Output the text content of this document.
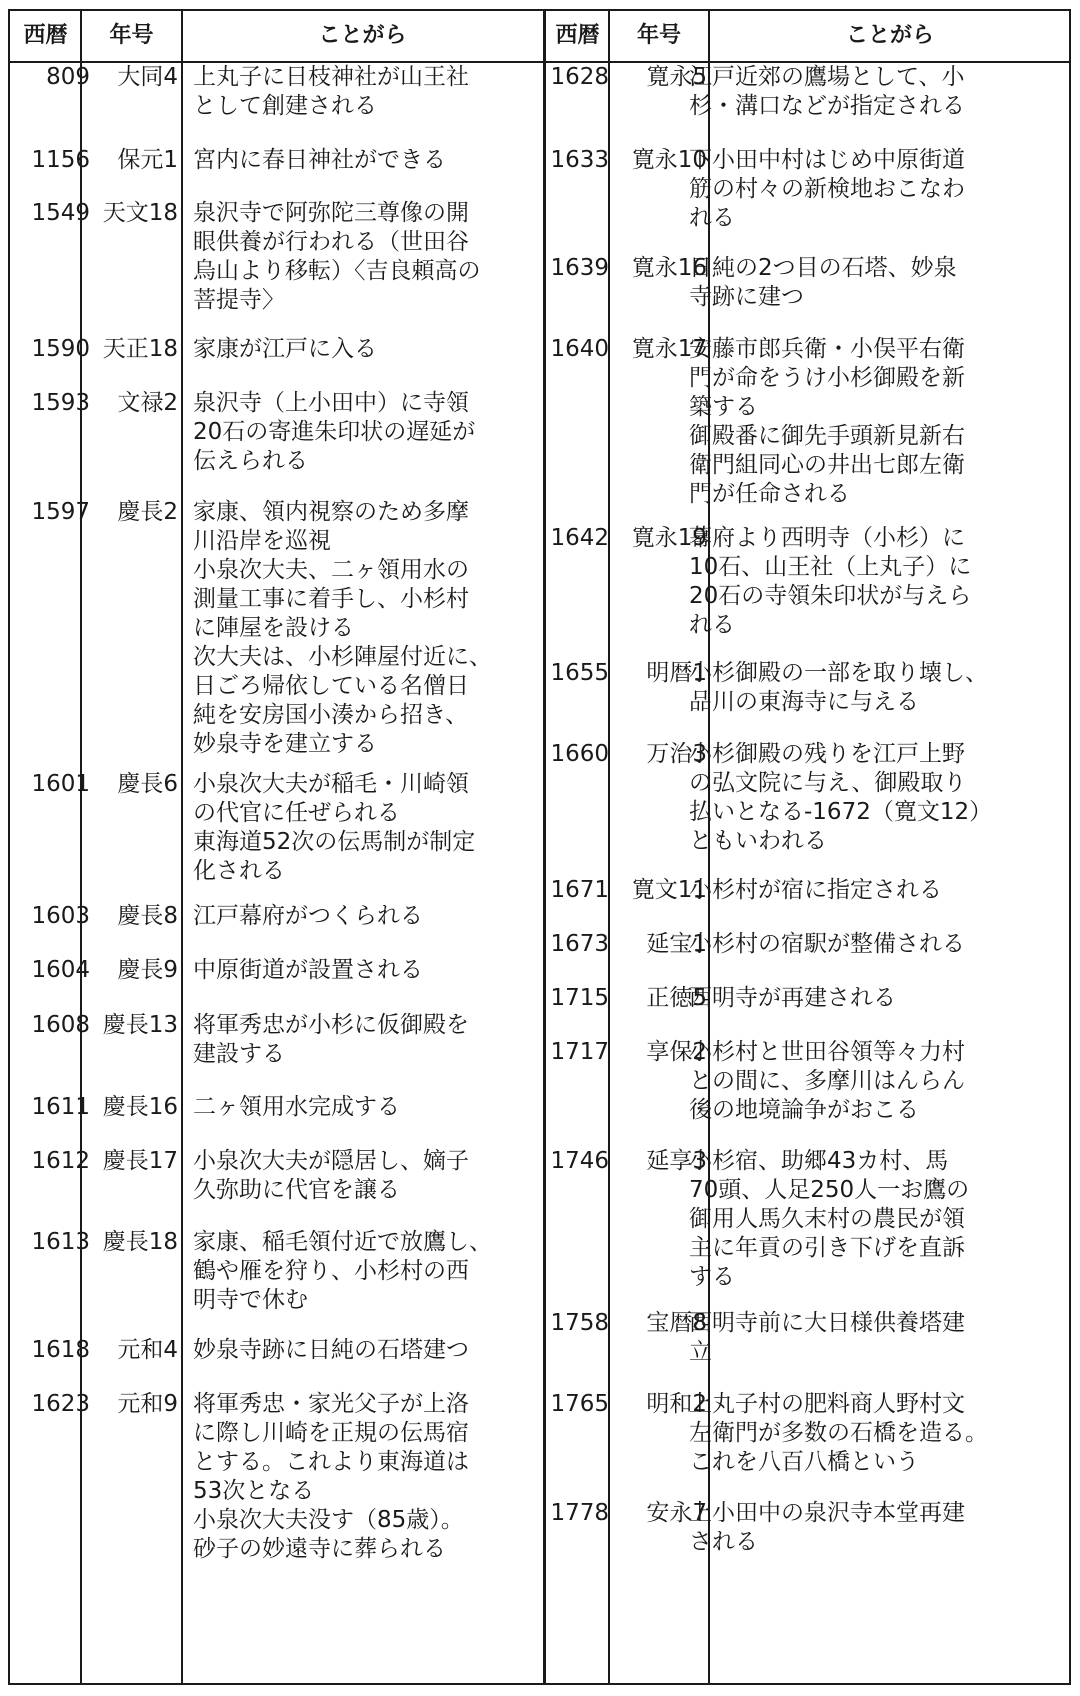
西暦	年号	ことがら
809 大同4 上丸子に日枝神社が山王社
として創建される
1156 保元1 宮内に春日神社ができる
1549 天文18 泉沢寺で阿弥陀三尊像の開
眼供養が行われる（世田谷
烏山より移転）〈吉良頼高の
菩提寺〉
1590 天正18 家康が江戸に入る
1593 文禄2 泉沢寺（上小田中）に寺領
20石の寄進朱印状の遅延が
伝えられる
1597 慶長2 家康、領内視察のため多摩
川沿岸を巡視
小泉次大夫、二ヶ領用水の
測量工事に着手し、小杉村
に陣屋を設ける
次大夫は、小杉陣屋付近に、
日ごろ帰依している名僧日
純を安房国小湊から招き、
妙泉寺を建立する
1601 慶長6 小泉次大夫が稲毛・川崎領
の代官に任ぜられる
東海道52次の伝馬制が制定
化される
1603 慶長8 江戸幕府がつくられる
1604 慶長9 中原街道が設置される
1608 慶長13 将軍秀忠が小杉に仮御殿を
建設する
1611 慶長16 二ヶ領用水完成する
1612 慶長17 小泉次大夫が隠居し、嫡子
久弥助に代官を譲る
1613 慶長18 家康、稲毛領付近で放鷹し、
鶴や雁を狩り、小杉村の西
明寺で休む
1618 元和4 妙泉寺跡に日純の石塔建つ
1623 元和9 将軍秀忠・家光父子が上洛
に際し川崎を正規の伝馬宿
とする。これより東海道は
53次となる
小泉次大夫没す（85歳）。
砂子の妙遠寺に葬られる
西暦	年号	ことがら
1628 寛永5
江戸近郊の鷹場として、小
杉・溝口などが指定される
1633 寛永10
下小田中村はじめ中原街道
筋の村々の新検地おこなわ
れる
1639 寛永16
日純の2つ目の石塔、妙泉
寺跡に建つ
1640 寛永17
安藤市郎兵衛・小俣平右衛
門が命をうけ小杉御殿を新
築する
御殿番に御先手頭新見新右
衛門組同心の井出七郎左衛
門が任命される
1642 寛永19
幕府より西明寺（小杉）に
10石、山王社（上丸子）に
20石の寺領朱印状が与えら
れる
1655 明暦1
小杉御殿の一部を取り壊し、
品川の東海寺に与える
1660 万治3
小杉御殿の残りを江戸上野
の弘文院に与え、御殿取り
払いとなる-1672（寛文12）
ともいわれる
1671 寛文11
小杉村が宿に指定される
1673 延宝1
小杉村の宿駅が整備される
1715 正徳5
西明寺が再建される
1717 享保2
小杉村と世田谷領等々力村
との間に、多摩川はんらん
後の地境論争がおこる
1746 延享3
小杉宿、助郷43カ村、馬
70頭、人足250人一お鷹の
御用人馬久末村の農民が領
主に年貢の引き下げを直訴
する
1758 宝暦8
西明寺前に大日様供養塔建
立
1765 明和2
上丸子村の肥料商人野村文
左衛門が多数の石橋を造る。
これを八百八橋という
1778 安永7
上小田中の泉沢寺本堂再建
される
